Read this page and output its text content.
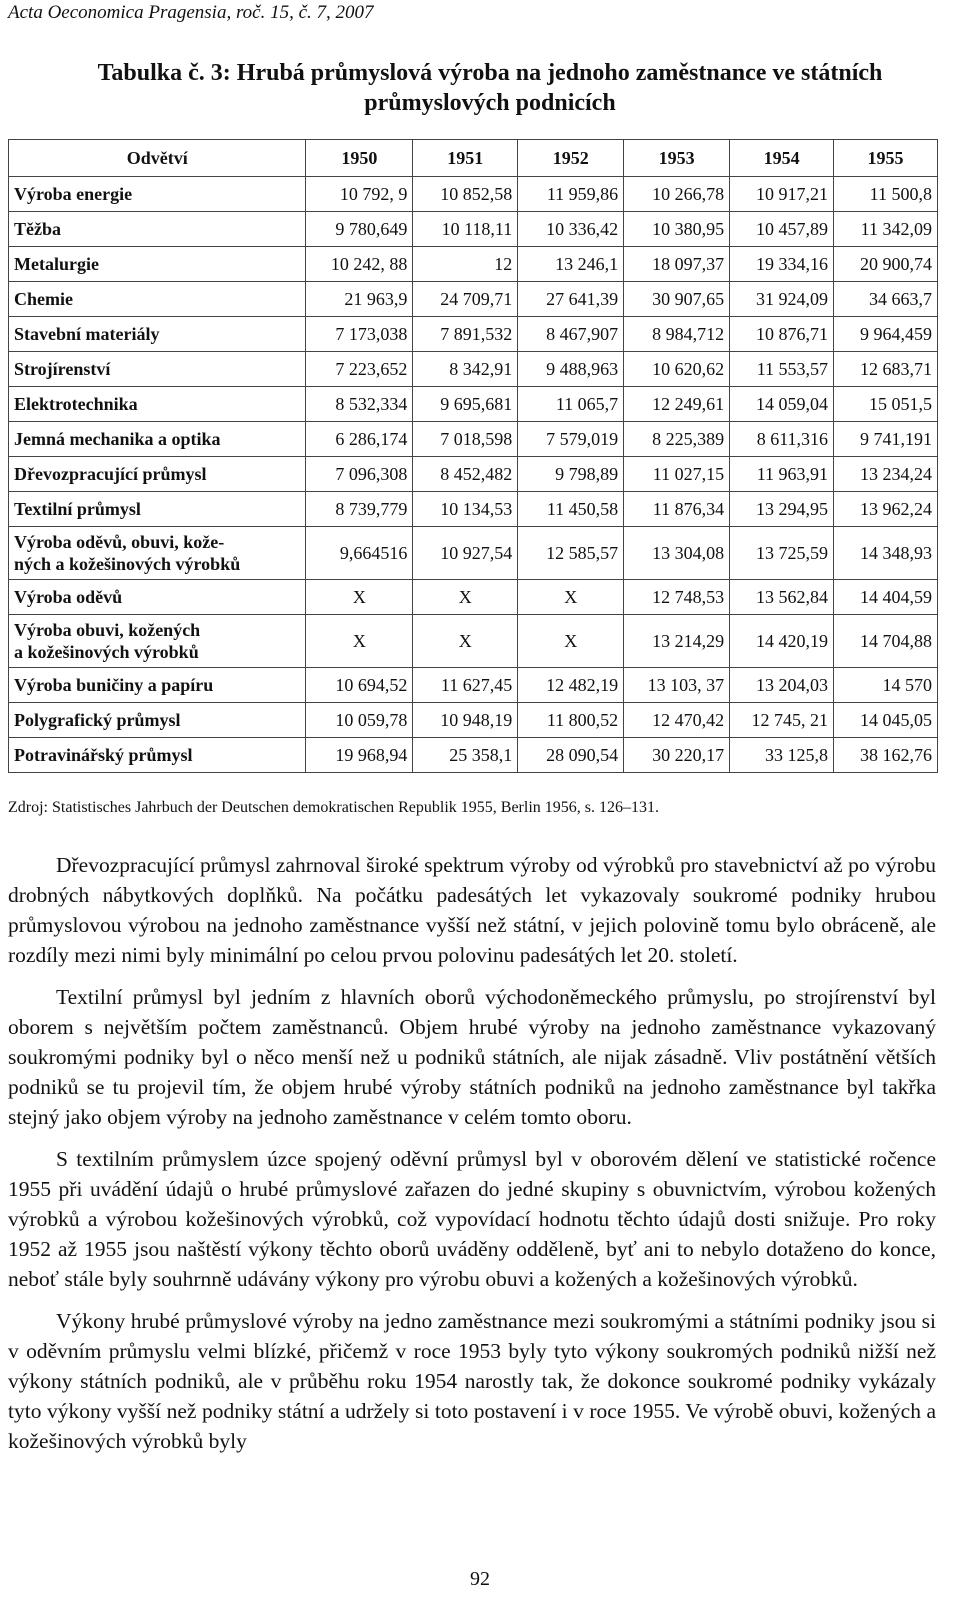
Acta Oeconomica Pragensia, roč. 15, č. 7, 2007
Tabulka č. 3: Hrubá průmyslová výroba na jednoho zaměstnance ve státních
průmyslových podnicích
Odvětví	1950	1951	1952	1953	1954	1955

Výroba energie	10 792, 9	10 852,58	11 959,86	10 266,78	10 917,21	11 500,8

Těžba	9 780,649	10 118,11	10 336,42	10 380,95	10 457,89	11 342,09

Metalurgie	10 242, 88	12	13 246,1	18 097,37	19 334,16	20 900,74

Chemie	21 963,9	24 709,71	27 641,39	30 907,65	31 924,09	34 663,7

Stavební materiály	7 173,038	7 891,532	8 467,907	8 984,712	10 876,71	9 964,459

Strojírenství	7 223,652	8 342,91	9 488,963	10 620,62	11 553,57	12 683,71

Elektrotechnika	8 532,334	9 695,681	11 065,7	12 249,61	14 059,04	15 051,5

Jemná mechanika a optika	6 286,174	7 018,598	7 579,019	8 225,389	8 611,316	9 741,191

Dřevozpracující průmysl	7 096,308	8 452,482	9 798,89	11 027,15	11 963,91	13 234,24

Textilní průmysl	8 739,779	10 134,53	11 450,58	11 876,34	13 294,95	13 962,24

Výroba oděvů, obuvi, kože-
ných a kožešinových výrobků	9,664516	10 927,54	12 585,57	13 304,08	13 725,59	14 348,93

Výroba oděvů	X	X	X	12 748,53	13 562,84	14 404,59

Výroba obuvi, kožených
a kožešinových výrobků	X	X	X	13 214,29	14 420,19	14 704,88

Výroba buničiny a papíru	10 694,52	11 627,45	12 482,19	13 103, 37	13 204,03	14 570

Polygrafický průmysl	10 059,78	10 948,19	11 800,52	12 470,42	12 745, 21	14 045,05

Potravinářský průmysl	19 968,94	25 358,1	28 090,54	30 220,17	33 125,8	38 162,76
Zdroj: Statistisches Jahrbuch der Deutschen demokratischen Republik 1955, Berlin 1956, s. 126–131.

Dřevozpracující průmysl zahrnoval široké spektrum výroby od výrobků pro stavebnictví až po výrobu drobných nábytkových doplňků. Na počátku padesátých let vykazovaly soukromé podniky hrubou průmyslovou výrobou na jednoho zaměstnance vyšší než státní, v jejich polovině tomu bylo obráceně, ale rozdíly mezi nimi byly minimální po celou prvou polovinu padesátých let 20. století.

Textilní průmysl byl jedním z hlavních oborů východoněmeckého průmyslu, po strojírenství byl oborem s největším počtem zaměstnanců. Objem hrubé výroby na jednoho zaměstnance vykazovaný soukromými podniky byl o něco menší než u podniků státních, ale nijak zásadně. Vliv postátnění větších podniků se tu projevil tím, že objem hrubé výroby státních podniků na jednoho zaměstnance byl takřka stejný jako objem výroby na jednoho zaměstnance v celém tomto oboru.

S textilním průmyslem úzce spojený oděvní průmysl byl v oborovém dělení ve statistické ročence 1955 při uvádění údajů o hrubé průmyslové zařazen do jedné skupiny s obuvnictvím, výrobou kožených výrobků a výrobou kožešinových výrobků, což vypovídací hodnotu těchto údajů dosti snižuje. Pro roky 1952 až 1955 jsou naštěstí výkony těchto oborů uváděny odděleně, byť ani to nebylo dotaženo do konce, neboť stále byly souhrnně udávány výkony pro výrobu obuvi a kožených a kožešinových výrobků.

Výkony hrubé průmyslové výroby na jedno zaměstnance mezi soukromými a státními podniky jsou si v oděvním průmyslu velmi blízké, přičemž v roce 1953 byly tyto výkony soukromých podniků nižší než výkony státních podniků, ale v průběhu roku 1954 narostly tak, že dokonce soukromé podniky vykázaly tyto výkony vyšší než podniky státní a udržely si toto postavení i v roce 1955. Ve výrobě obuvi, kožených a kožešinových výrobků byly

92
